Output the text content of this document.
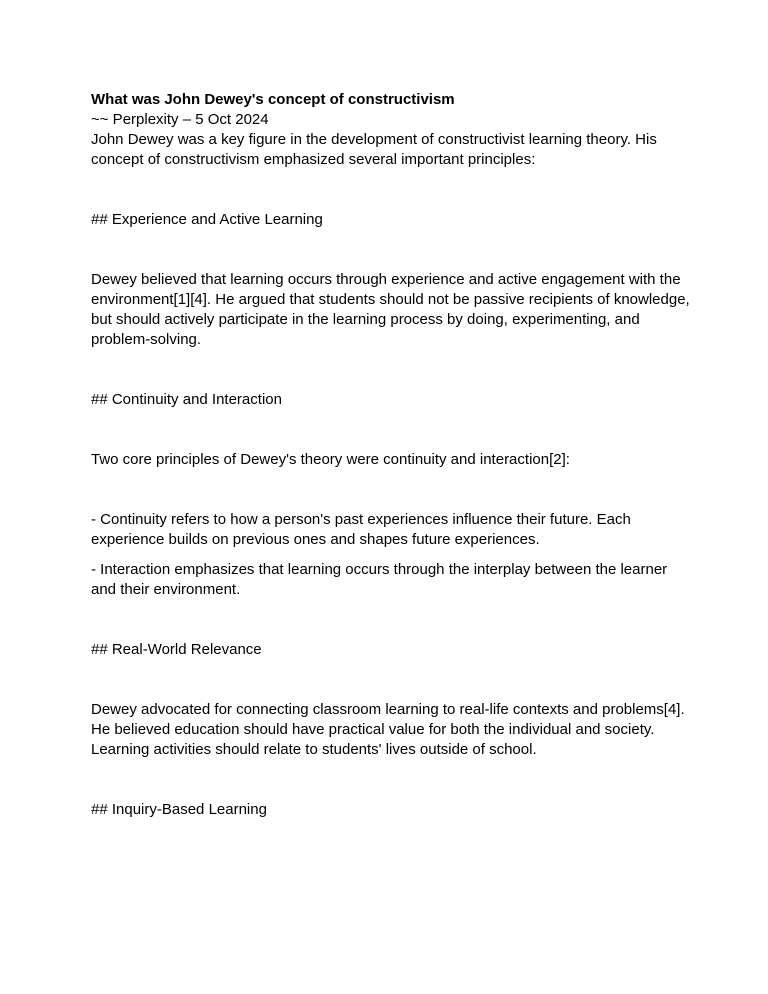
What was John Dewey's concept of constructivism

~~ Perplexity – 5 Oct 2024

John Dewey was a key figure in the development of constructivist learning theory. His concept of constructivism emphasized several important principles:

## Experience and Active Learning

Dewey believed that learning occurs through experience and active engagement with the environment[1][4]. He argued that students should not be passive recipients of knowledge, but should actively participate in the learning process by doing, experimenting, and problem-solving.

## Continuity and Interaction

Two core principles of Dewey's theory were continuity and interaction[2]:

- Continuity refers to how a person's past experiences influence their future. Each experience builds on previous ones and shapes future experiences.

- Interaction emphasizes that learning occurs through the interplay between the learner and their environment.

## Real-World Relevance

Dewey advocated for connecting classroom learning to real-life contexts and problems[4]. He believed education should have practical value for both the individual and society. Learning activities should relate to students' lives outside of school.

## Inquiry-Based Learning
